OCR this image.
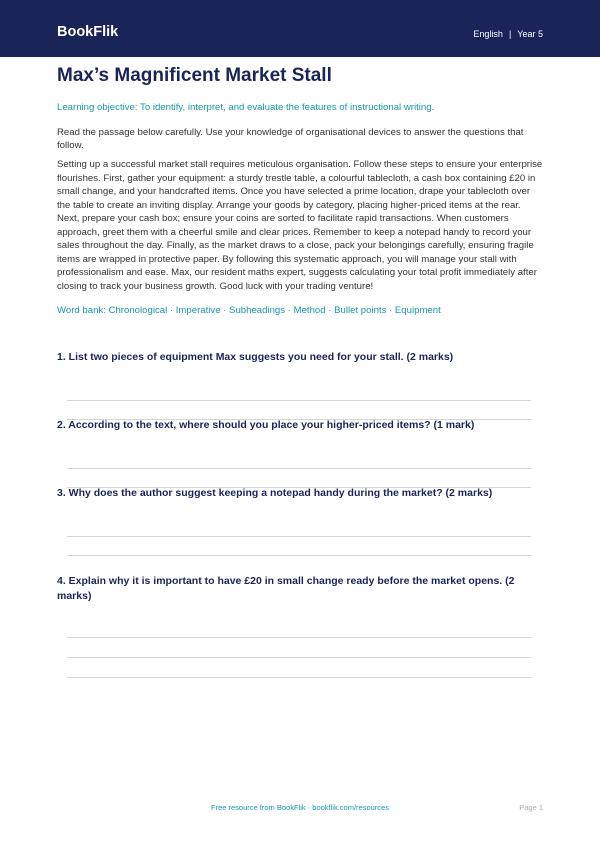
BookFlik	English | Year 5
Max’s Magnificent Market Stall

Learning objective: To identify, interpret, and evaluate the features of instructional writing.

Read the passage below carefully. Use your knowledge of organisational devices to answer the questions that follow.

Setting up a successful market stall requires meticulous organisation. Follow these steps to ensure your enterprise flourishes. First, gather your equipment: a sturdy trestle table, a colourful tablecloth, a cash box containing £20 in small change, and your handcrafted items. Once you have selected a prime location, drape your tablecloth over the table to create an inviting display. Arrange your goods by category, placing higher-priced items at the rear. Next, prepare your cash box; ensure your coins are sorted to facilitate rapid transactions. When customers approach, greet them with a cheerful smile and clear prices. Remember to keep a notepad handy to record your sales throughout the day. Finally, as the market draws to a close, pack your belongings carefully, ensuring fragile items are wrapped in protective paper. By following this systematic approach, you will manage your stall with professionalism and ease. Max, our resident maths expert, suggests calculating your total profit immediately after closing to track your business growth. Good luck with your trading venture!

Word bank: Chronological · Imperative · Subheadings · Method · Bullet points · Equipment

1. List two pieces of equipment Max suggests you need for your stall. (2 marks)

2. According to the text, where should you place your higher-priced items? (1 mark)

3. Why does the author suggest keeping a notepad handy during the market? (2 marks)

4. Explain why it is important to have £20 in small change ready before the market opens. (2 marks)

Free resource from BookFlik · bookflik.com/resources	Page 1
